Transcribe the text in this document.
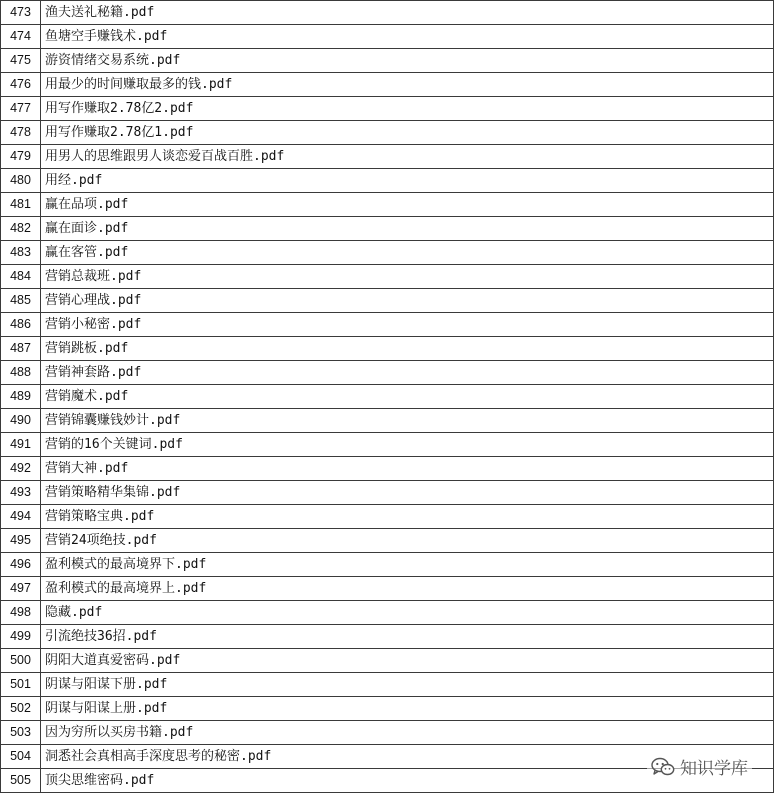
473	渔夫送礼秘籍.pdf
474	鱼塘空手赚钱术.pdf
475	游资情绪交易系统.pdf
476	用最少的时间赚取最多的钱.pdf
477	用写作赚取2.78亿2.pdf
478	用写作赚取2.78亿1.pdf
479	用男人的思维跟男人谈恋爱百战百胜.pdf
480	用经.pdf
481	赢在品项.pdf
482	赢在面诊.pdf
483	赢在客管.pdf
484	营销总裁班.pdf
485	营销心理战.pdf
486	营销小秘密.pdf
487	营销跳板.pdf
488	营销神套路.pdf
489	营销魔术.pdf
490	营销锦囊赚钱妙计.pdf
491	营销的16个关键词.pdf
492	营销大神.pdf
493	营销策略精华集锦.pdf
494	营销策略宝典.pdf
495	营销24项绝技.pdf
496	盈利模式的最高境界下.pdf
497	盈利模式的最高境界上.pdf
498	隐藏.pdf
499	引流绝技36招.pdf
500	阴阳大道真爱密码.pdf
501	阴谋与阳谋下册.pdf
502	阴谋与阳谋上册.pdf
503	因为穷所以买房书籍.pdf
504	洞悉社会真相高手深度思考的秘密.pdf
505	顶尖思维密码.pdf
知识学库
